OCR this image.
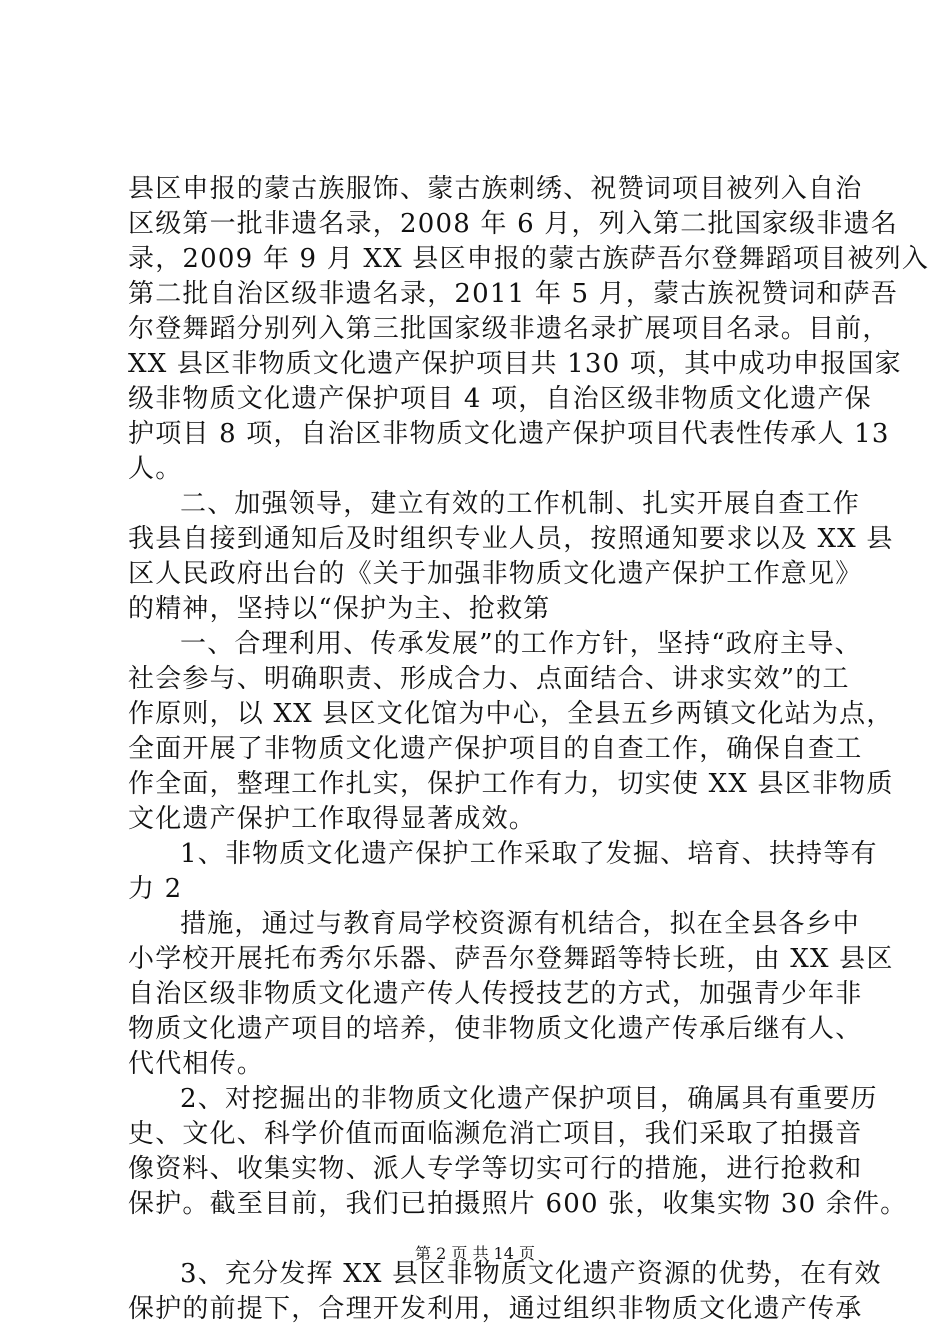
县区申报的蒙古族服饰、蒙古族刺绣、祝赞词项目被列入自治
区级第一批非遗名录，2008 年 6 月，列入第二批国家级非遗名
录，2009 年 9 月 XX 县区申报的蒙古族萨吾尔登舞蹈项目被列入
第二批自治区级非遗名录，2011 年 5 月，蒙古族祝赞词和萨吾
尔登舞蹈分别列入第三批国家级非遗名录扩展项目名录。目前，
XX 县区非物质文化遗产保护项目共 130 项，其中成功申报国家
级非物质文化遗产保护项目 4 项，自治区级非物质文化遗产保
护项目 8 项，自治区非物质文化遗产保护项目代表性传承人 13
人。
二、加强领导，建立有效的工作机制、扎实开展自查工作
我县自接到通知后及时组织专业人员，按照通知要求以及 XX 县
区人民政府出台的《关于加强非物质文化遗产保护工作意见》
的精神，坚持以“保护为主、抢救第
一、合理利用、传承发展”的工作方针，坚持“政府主导、
社会参与、明确职责、形成合力、点面结合、讲求实效”的工
作原则，以 XX 县区文化馆为中心，全县五乡两镇文化站为点，
全面开展了非物质文化遗产保护项目的自查工作，确保自查工
作全面，整理工作扎实，保护工作有力，切实使 XX 县区非物质
文化遗产保护工作取得显著成效。
1、非物质文化遗产保护工作采取了发掘、培育、扶持等有
力 2
措施，通过与教育局学校资源有机结合，拟在全县各乡中
小学校开展托布秀尔乐器、萨吾尔登舞蹈等特长班，由 XX 县区
自治区级非物质文化遗产传人传授技艺的方式，加强青少年非
物质文化遗产项目的培养，使非物质文化遗产传承后继有人、
代代相传。
2、对挖掘出的非物质文化遗产保护项目，确属具有重要历
史、文化、科学价值而面临濒危消亡项目，我们采取了拍摄音
像资料、收集实物、派人专学等切实可行的措施，进行抢救和
保护。截至目前，我们已拍摄照片 600 张，收集实物 30 余件。
3、充分发挥 XX 县区非物质文化遗产资源的优势，在有效
保护的前提下，合理开发利用，通过组织非物质文化遗产传承
第 2 页 共 14 页
